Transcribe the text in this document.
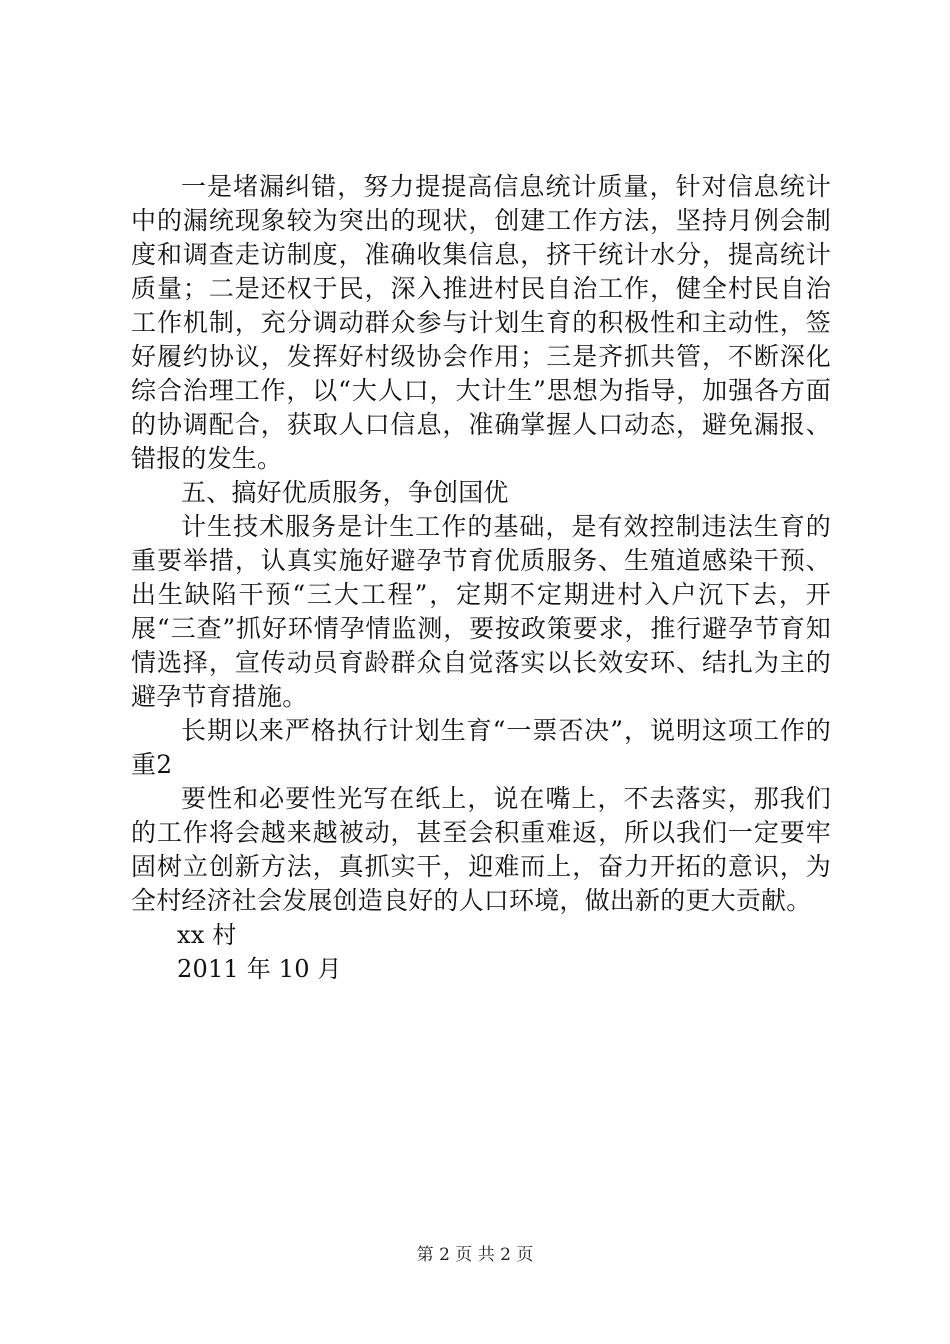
一是堵漏纠错，努力提提高信息统计质量，针对信息统计中的漏统现象较为突出的现状，创建工作方法，坚持月例会制度和调查走访制度，准确收集信息，挤干统计水分，提高统计质量；二是还权于民，深入推进村民自治工作，健全村民自治工作机制，充分调动群众参与计划生育的积极性和主动性，签好履约协议，发挥好村级协会作用；三是齐抓共管，不断深化综合治理工作，以“大人口，大计生”思想为指导，加强各方面的协调配合，获取人口信息，准确掌握人口动态，避免漏报、错报的发生。

五、搞好优质服务，争创国优

计生技术服务是计生工作的基础，是有效控制违法生育的重要举措，认真实施好避孕节育优质服务、生殖道感染干预、出生缺陷干预“三大工程”，定期不定期进村入户沉下去，开展“三查”抓好环情孕情监测，要按政策要求，推行避孕节育知情选择，宣传动员育龄群众自觉落实以长效安环、结扎为主的避孕节育措施。

长期以来严格执行计划生育“一票否决”，说明这项工作的重2

要性和必要性光写在纸上，说在嘴上，不去落实，那我们的工作将会越来越被动，甚至会积重难返，所以我们一定要牢固树立创新方法，真抓实干，迎难而上，奋力开拓的意识，为全村经济社会发展创造良好的人口环境，做出新的更大贡献。

xx 村

2011 年 10 月

第 2 页 共 2 页
